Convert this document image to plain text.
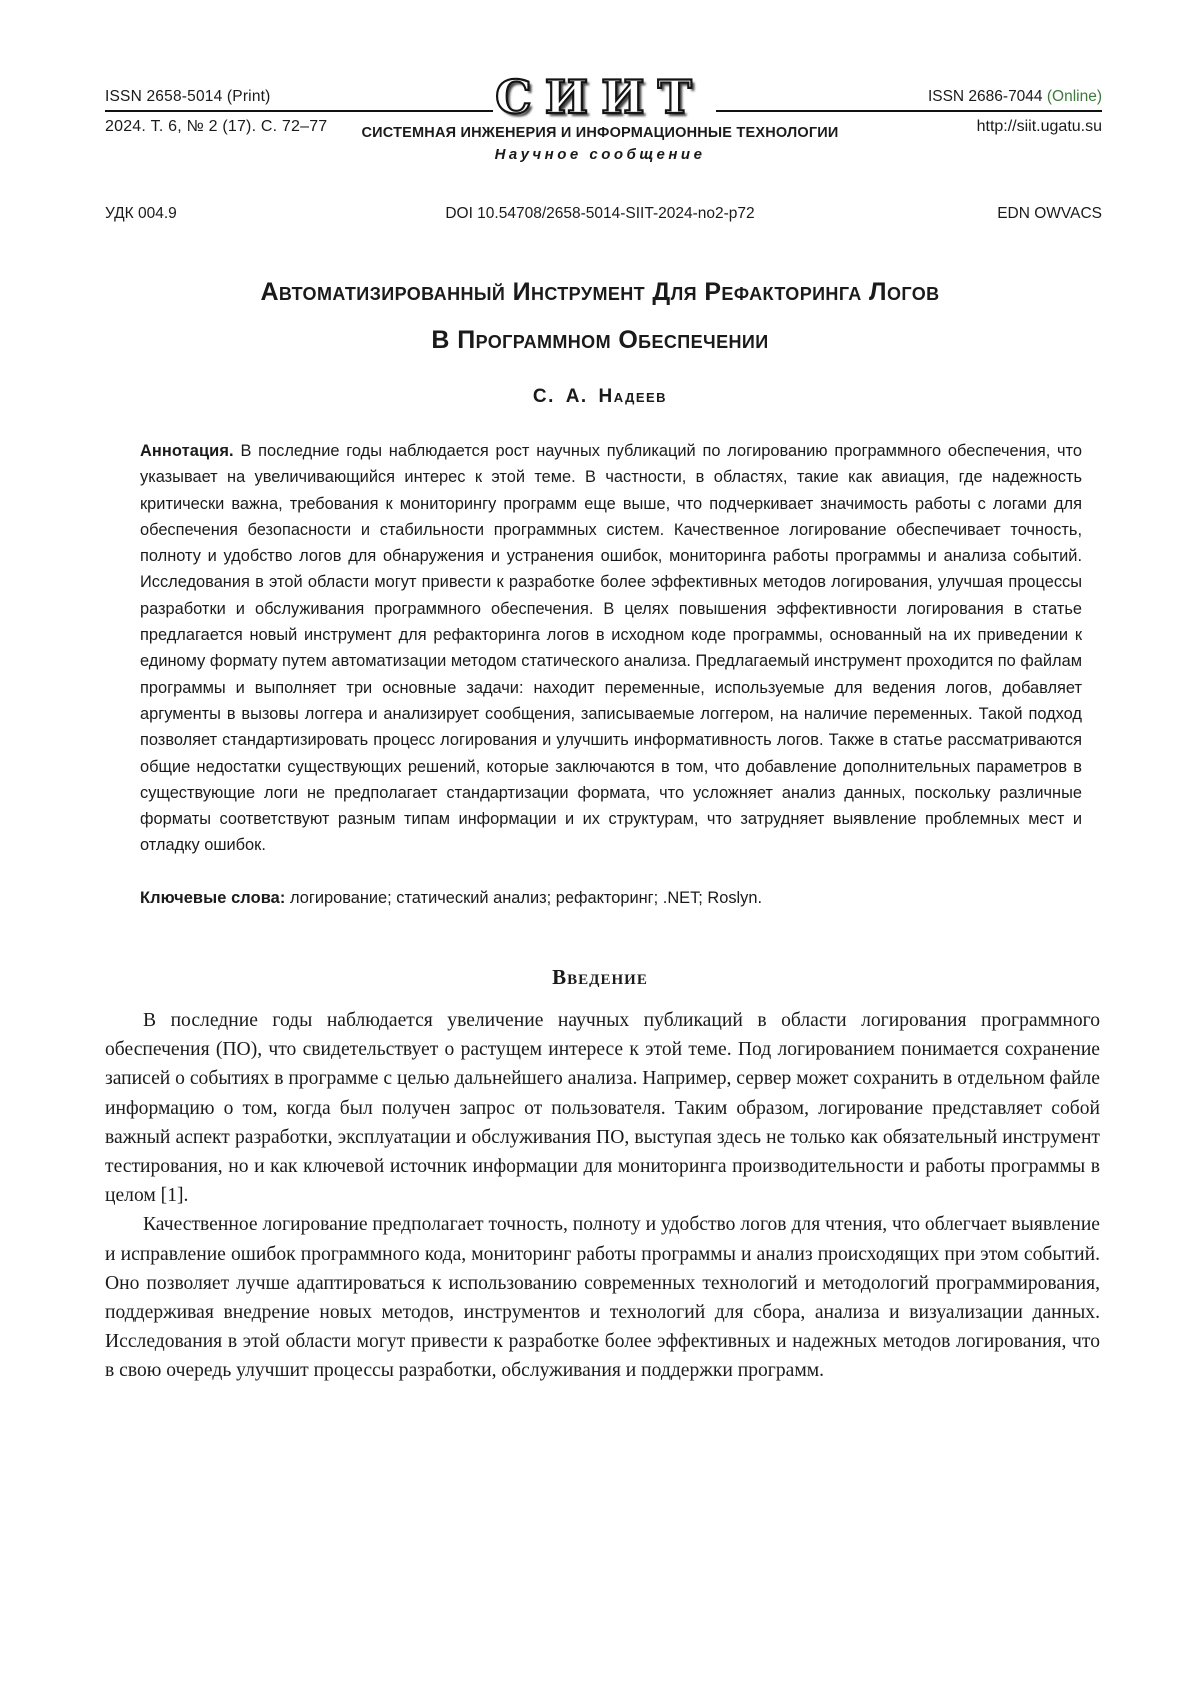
ISSN 2658-5014 (Print)
2024. Т. 6, № 2 (17). С. 72–77
СИИТ
СИСТЕМНАЯ ИНЖЕНЕРИЯ И ИНФОРМАЦИОННЫЕ ТЕХНОЛОГИИ
Научное сообщение
ISSN 2686-7044 (Online)
http://siit.ugatu.su
УДК 004.9	DOI 10.54708/2658-5014-SIIT-2024-no2-p72	EDN OWVACS
Автоматизированный Инструмент Для Рефакторинга Логов
В Программном Обеспечении
С. А. Надеев

Аннотация. В последние годы наблюдается рост научных публикаций по логированию программного обеспечения, что указывает на увеличивающийся интерес к этой теме. В частности, в областях, такие как авиация, где надежность критически важна, требования к мониторингу программ еще выше, что подчеркивает значимость работы с логами для обеспечения безопасности и стабильности программных систем. Качественное логирование обеспечивает точность, полноту и удобство логов для обнаружения и устранения ошибок, мониторинга работы программы и анализа событий. Исследования в этой области могут привести к разработке более эффективных методов логирования, улучшая процессы разработки и обслуживания программного обеспечения. В целях повышения эффективности логирования в статье предлагается новый инструмент для рефакторинга логов в исходном коде программы, основанный на их приведении к единому формату путем автоматизации методом статического анализа. Предлагаемый инструмент проходится по файлам программы и выполняет три основные задачи: находит переменные, используемые для ведения логов, добавляет аргументы в вызовы логгера и анализирует сообщения, записываемые логгером, на наличие переменных. Такой подход позволяет стандартизировать процесс логирования и улучшить информативность логов. Также в статье рассматриваются общие недостатки существующих решений, которые заключаются в том, что добавление дополнительных параметров в существующие логи не предполагает стандартизации формата, что усложняет анализ данных, поскольку различные форматы соответствуют разным типам информации и их структурам, что затрудняет выявление проблемных мест и отладку ошибок.

Ключевые слова: логирование; статический анализ; рефакторинг; .NET; Roslyn.

Введение

В последние годы наблюдается увеличение научных публикаций в области логирования программного обеспечения (ПО), что свидетельствует о растущем интересе к этой теме. Под логированием понимается сохранение записей о событиях в программе с целью дальнейшего анализа. Например, сервер может сохранить в отдельном файле информацию о том, когда был получен запрос от пользователя. Таким образом, логирование представляет собой важный аспект разработки, эксплуатации и обслуживания ПО, выступая здесь не только как обязательный инструмент тестирования, но и как ключевой источник информации для мониторинга производительности и работы программы в целом [1].

Качественное логирование предполагает точность, полноту и удобство логов для чтения, что облегчает выявление и исправление ошибок программного кода, мониторинг работы программы и анализ происходящих при этом событий. Оно позволяет лучше адаптироваться к использованию современных технологий и методологий программирования, поддерживая внедрение новых методов, инструментов и технологий для сбора, анализа и визуализации данных. Исследования в этой области могут привести к разработке более эффективных и надежных методов логирования, что в свою очередь улучшит процессы разработки, обслуживания и поддержки программ.
